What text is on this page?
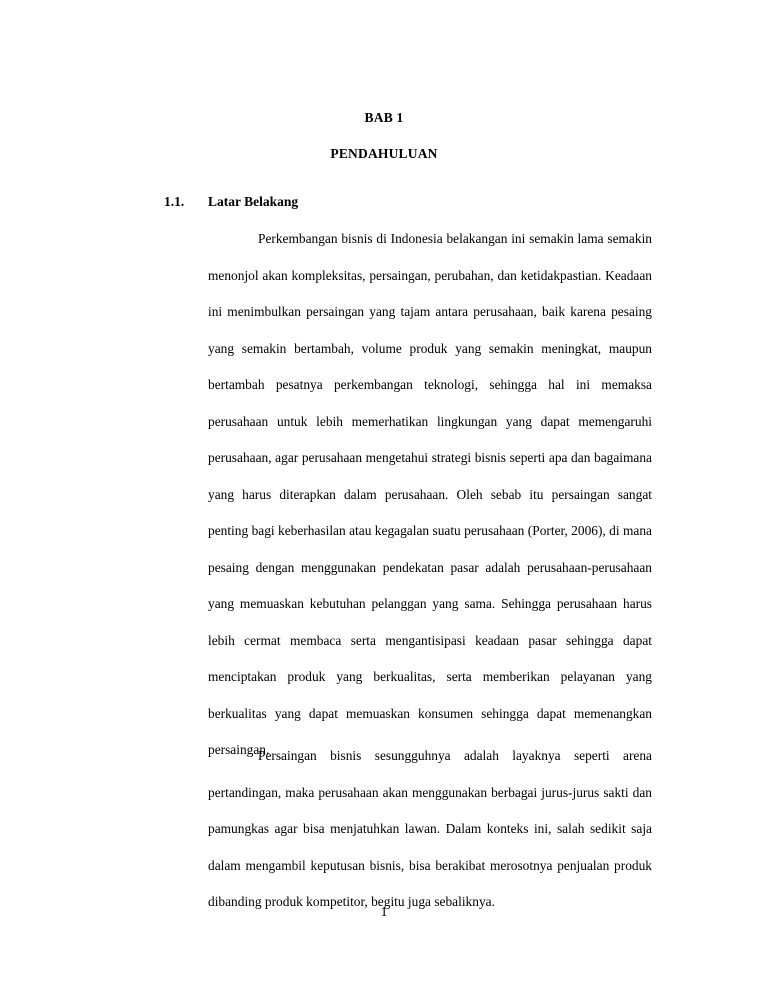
BAB 1
PENDAHULUAN
1.1. Latar Belakang

Perkembangan bisnis di Indonesia belakangan ini semakin lama semakin menonjol akan kompleksitas, persaingan, perubahan, dan ketidakpastian. Keadaan ini menimbulkan persaingan yang tajam antara perusahaan, baik karena pesaing yang semakin bertambah, volume produk yang semakin meningkat, maupun bertambah pesatnya perkembangan teknologi, sehingga hal ini memaksa perusahaan untuk lebih memerhatikan lingkungan yang dapat memengaruhi perusahaan, agar perusahaan mengetahui strategi bisnis seperti apa dan bagaimana yang harus diterapkan dalam perusahaan. Oleh sebab itu persaingan sangat penting bagi keberhasilan atau kegagalan suatu perusahaan (Porter, 2006), di mana pesaing dengan menggunakan pendekatan pasar adalah perusahaan-perusahaan yang memuaskan kebutuhan pelanggan yang sama. Sehingga perusahaan harus lebih cermat membaca serta mengantisipasi keadaan pasar sehingga dapat menciptakan produk yang berkualitas, serta memberikan pelayanan yang berkualitas yang dapat memuaskan konsumen sehingga dapat memenangkan persaingan.

Persaingan bisnis sesungguhnya adalah layaknya seperti arena pertandingan, maka perusahaan akan menggunakan berbagai jurus-jurus sakti dan pamungkas agar bisa menjatuhkan lawan. Dalam konteks ini, salah sedikit saja dalam mengambil keputusan bisnis, bisa berakibat merosotnya penjualan produk dibanding produk kompetitor, begitu juga sebaliknya.

1
